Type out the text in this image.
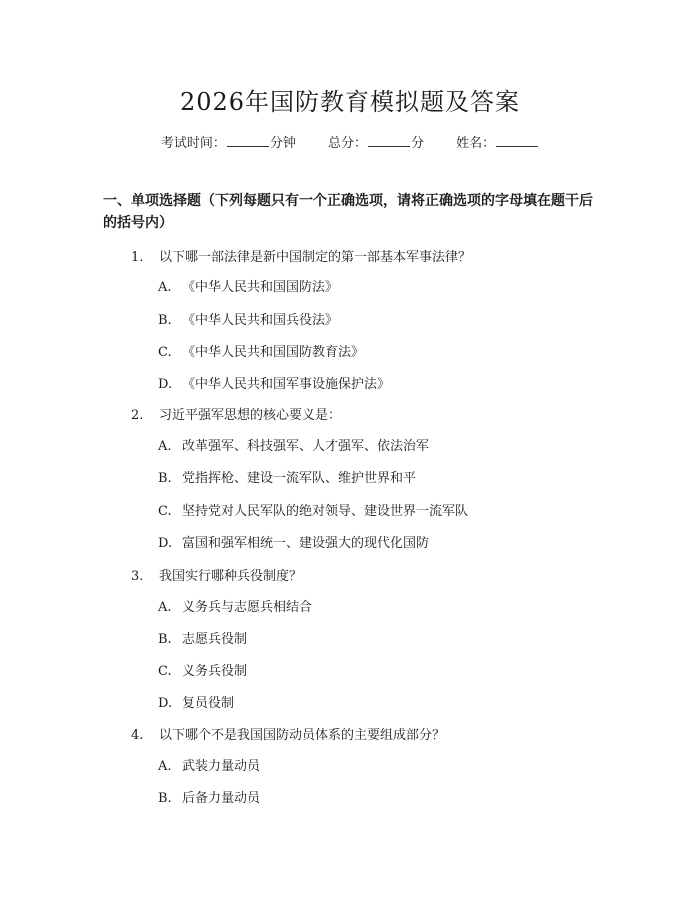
2026年国防教育模拟题及答案
考试时间：	分钟 总分：	分 姓名：
一、单项选择题（下列每题只有一个正确选项，请将正确选项的字母填在题干后的括号内）
1. 以下哪一部法律是新中国制定的第一部基本军事法律？
A. 《中华人民共和国国防法》
B. 《中华人民共和国兵役法》
C. 《中华人民共和国国防教育法》
D. 《中华人民共和国军事设施保护法》
2. 习近平强军思想的核心要义是：
A. 改革强军、科技强军、人才强军、依法治军
B. 党指挥枪、建设一流军队、维护世界和平
C. 坚持党对人民军队的绝对领导、建设世界一流军队
D. 富国和强军相统一、建设强大的现代化国防
3. 我国实行哪种兵役制度？
A. 义务兵与志愿兵相结合
B. 志愿兵役制
C. 义务兵役制
D. 复员役制
4. 以下哪个不是我国国防动员体系的主要组成部分？
A. 武装力量动员
B. 后备力量动员
